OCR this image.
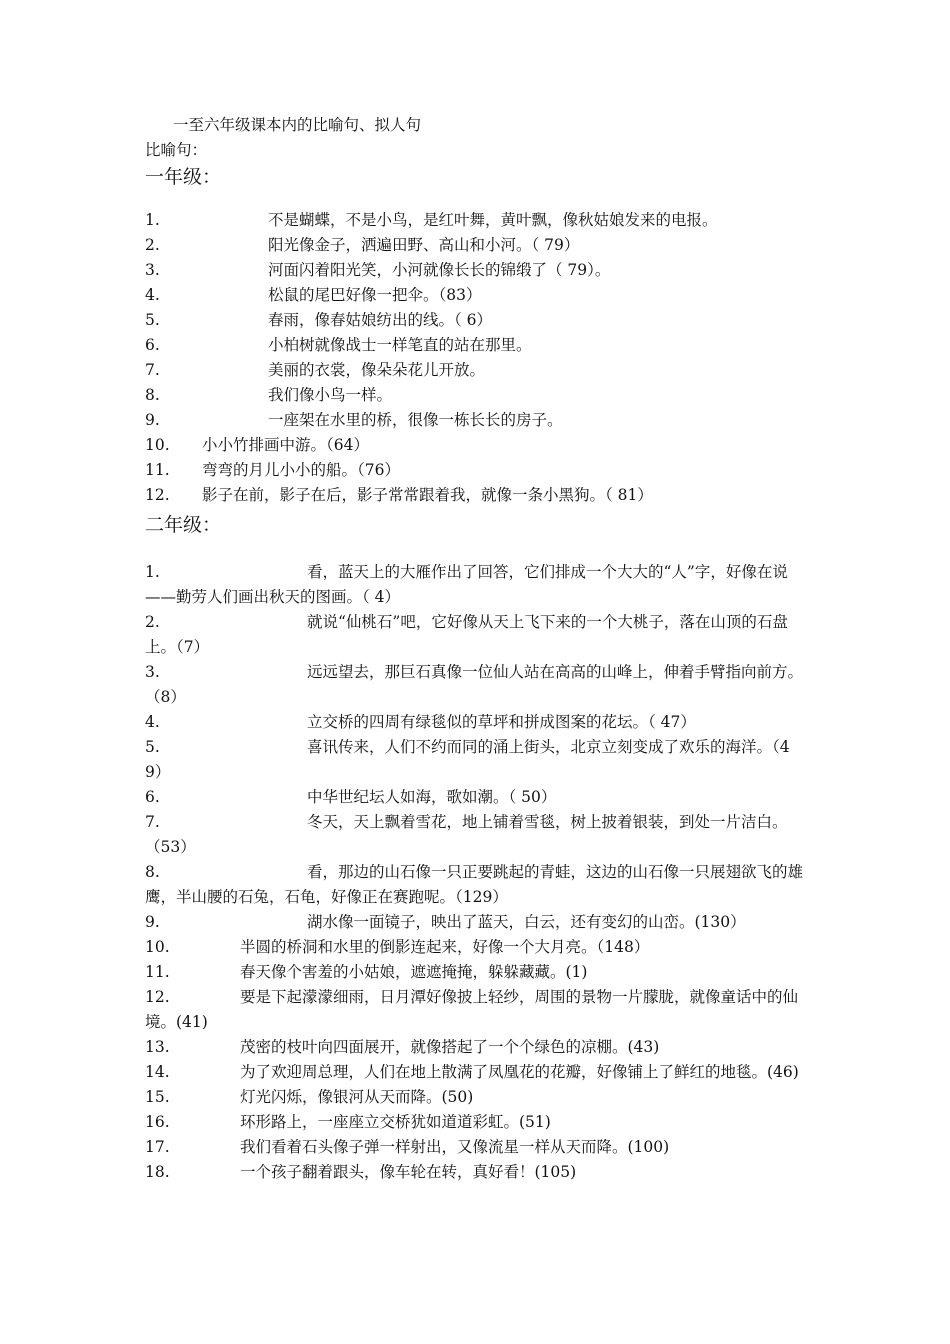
一至六年级课本内的比喻句、拟人句
比喻句：
一年级：
1.	不是蝴蝶，不是小鸟，是红叶舞，黄叶飘，像秋姑娘发来的电报。
2.	阳光像金子，洒遍田野、高山和小河。（ 79）
3.	河面闪着阳光笑，小河就像长长的锦缎了（ 79）。
4.	松鼠的尾巴好像一把伞。（83）
5.	春雨，像春姑娘纺出的线。（ 6）
6.	小柏树就像战士一样笔直的站在那里。
7.	美丽的衣裳，像朵朵花儿开放。
8.	我们像小鸟一样。
9.	一座架在水里的桥，很像一栋长长的房子。
10.	小小竹排画中游。（64）
11.	弯弯的月儿小小的船。（76）
12.	影子在前，影子在后，影子常常跟着我，就像一条小黑狗。（ 81）
二年级：
1.	看，蓝天上的大雁作出了回答，它们排成一个大大的“人”字，好像在说——勤劳人们画出秋天的图画。（ 4）
2.	就说“仙桃石”吧，它好像从天上飞下来的一个大桃子，落在山顶的石盘上。（7）
3.	远远望去，那巨石真像一位仙人站在高高的山峰上，伸着手臂指向前方。（8）
4.	立交桥的四周有绿毯似的草坪和拼成图案的花坛。（ 47）
5.	喜讯传来，人们不约而同的涌上街头，北京立刻变成了欢乐的海洋。（49）
6.	中华世纪坛人如海，歌如潮。（ 50）
7.	冬天，天上飘着雪花，地上铺着雪毯，树上披着银装，到处一片洁白。（53）
8.	看，那边的山石像一只正要跳起的青蛙，这边的山石像一只展翅欲飞的雄鹰，半山腰的石兔，石龟，好像正在赛跑呢。（129）
9.	湖水像一面镜子，映出了蓝天，白云，还有变幻的山峦。(130）
10.	半圆的桥洞和水里的倒影连起来，好像一个大月亮。（148）
11.	春天像个害羞的小姑娘，遮遮掩掩，躲躲藏藏。(1)
12.	要是下起濛濛细雨，日月潭好像披上轻纱，周围的景物一片朦胧，就像童话中的仙境。(41)
13.	茂密的枝叶向四面展开，就像搭起了一个个绿色的凉棚。(43)
14.	为了欢迎周总理，人们在地上散满了凤凰花的花瓣，好像铺上了鲜红的地毯。(46)
15.	灯光闪烁，像银河从天而降。(50)
16.	环形路上，一座座立交桥犹如道道彩虹。(51)
17.	我们看着石头像子弹一样射出，又像流星一样从天而降。(100)
18.	一个孩子翻着跟头，像车轮在转，真好看！(105)
